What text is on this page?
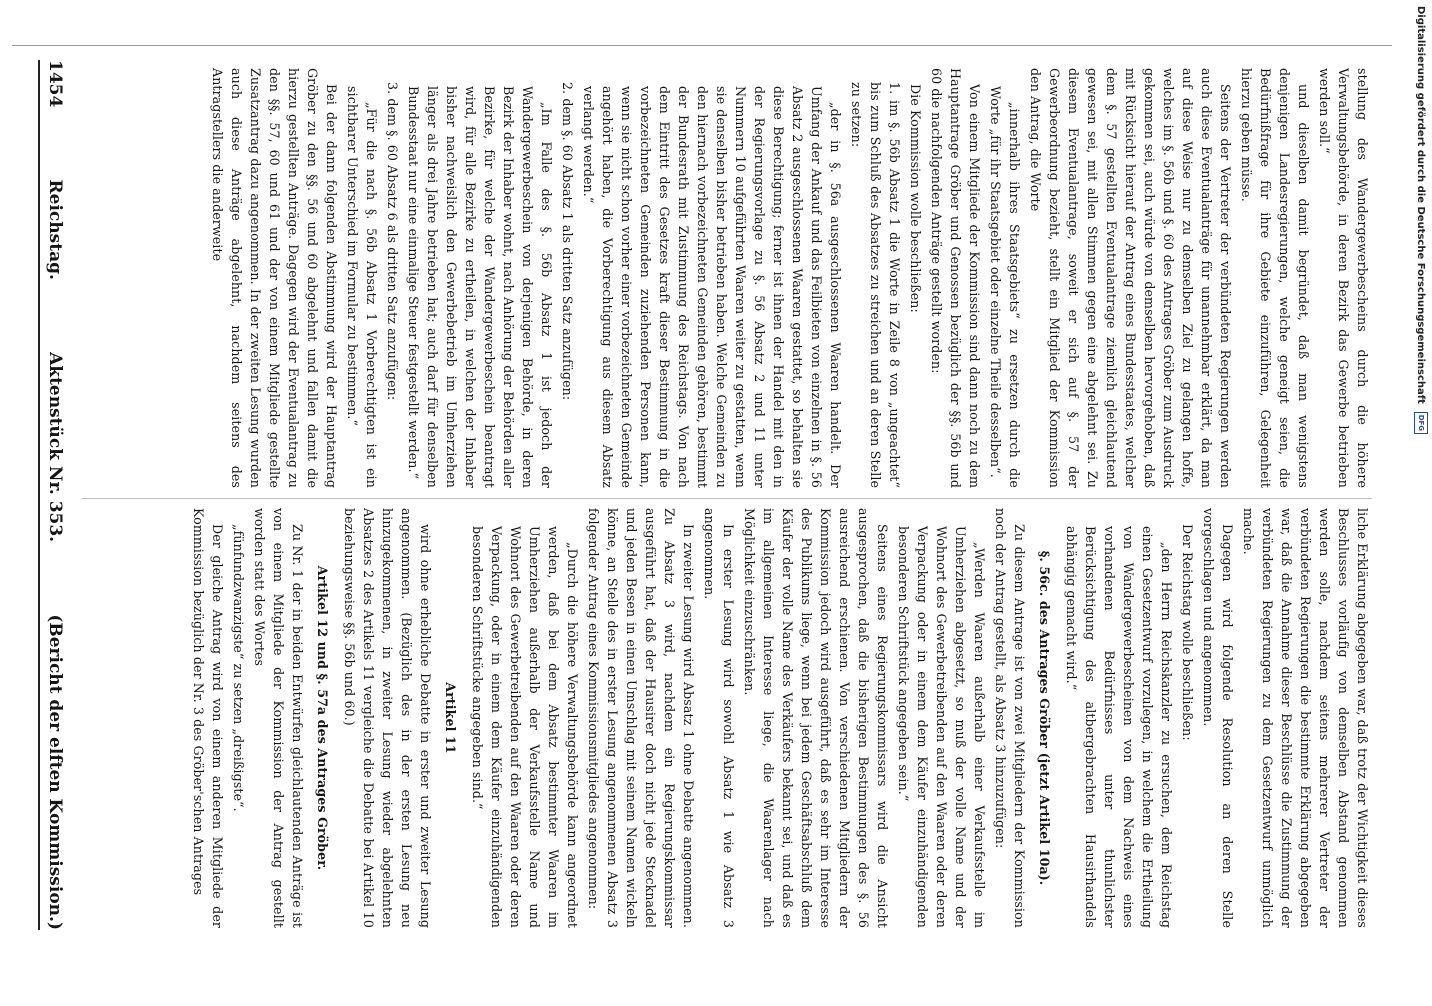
Digitalisierung gefördert durch die Deutsche Forschungsgemeinschaft
DFG

stellung des Wandergewerbescheins durch die höhere Verwaltungsbehörde, in deren Bezirk das Gewerbe betrieben werden soll.“

und dieselben damit begründet, daß man wenigstens denjenigen Landesregierungen, welche geneigt seien, die Bedürfnißfrage für ihre Gebiete einzuführen, Gelegenheit hierzu geben müsse.

Seitens der Vertreter der verbündeten Regierungen werden auch diese Eventualanträge für unannehmbar erklärt, da man auf diese Weise nur zu demselben Ziel zu gelangen hoffe, welches im §. 56b und §. 60 des Antrages Gröber zum Ausdruck gekommen sei, auch würde von demselben hervorgehoben, daß mit Rücksicht hierauf der Antrag eines Bundesstaates, welcher dem §. 57 gestellten Eventualantrage ziemlich gleichlautend gewesen sei, mit allen Stimmen gegen eine abgelehnt sei. Zu diesem Eventualantrage, soweit er sich auf §. 57 der Gewerbeordnung bezieht, stellt ein Mitglied der Kommission den Antrag, die Worte

„innerhalb ihres Staatsgebiets“ zu ersetzen durch die Worte „für ihr Staatsgebiet oder einzelne Theile desselben“.

Von einem Mitgliede der Kommission sind dann noch zu dem Hauptantrage Gröber und Genossen bezüglich der §§. 56b und 60 die nachfolgenden Anträge gestellt worden:

Die Kommission wolle beschließen:

1. im §. 56b Absatz 1 die Worte in Zeile 8 von „ungeachtet“ bis zum Schluß des Absatzes zu streichen und an deren Stelle zu setzen:

„der in §. 56a ausgeschlossenen Waaren handelt. Der Umfang der Ankauf und das Feilbieten von einzelnen in §. 56 Absatz 2 ausgeschlossenen Waaren gestattet, so behalten sie diese Berechtigung; ferner ist ihnen der Handel mit den in der Regierungsvorlage zu §. 56 Absatz 2 und 11 unter Nummern 10 aufgeführten Waaren weiter zu gestatten, wenn sie denselben bisher betrieben haben. Welche Gemeinden zu den hiernach vorbezeichneten Gemeinden gehören, bestimmt der Bundesrath mit Zustimmung des Reichstags. Von nach dem Eintritt des Gesetzes kraft dieser Bestimmung in die vorbezeichneten Gemeinden zuziehenden Personen kann, wenn sie nicht schon vorher einer vorbezeichneten Gemeinde angehört haben, die Vorberechtigung aus diesem Absatz verlangt werden.“

2. dem §. 60 Absatz 1 als dritten Satz anzufügen:

„Im Falle des §. 56b Absatz 1 ist jedoch der Wandergewerbeschein von derjenigen Behörde, in deren Bezirk der Inhaber wohnt, nach Anhörung der Behörden aller Bezirke, für welche der Wandergewerbeschein beantragt wird, für alle Bezirke zu ertheilen, in welchen der Inhaber bisher nachweislich den Gewerbebetrieb im Umherziehen länger als drei Jahre betrieben hat; auch darf für denselben Bundesstaat nur eine einmalige Steuer festgestellt werden.“

3. dem §. 60 Absatz 6 als dritten Satz anzufügen:

„Für die nach §. 56b Absatz 1 Vorberechtigten ist ein sichtbarer Unterschied im Formular zu bestimmen.“

Bei der dann folgenden Abstimmung wird der Hauptantrag Gröber zu den §§. 56 und 60 abgelehnt und fallen damit die hierzu gestellten Anträge. Dagegen wird der Eventualantrag zu den §§. 57, 60 und 61 und der von einem Mitgliede gestellte Zusatzantrag dazu angenommen. In der zweiten Lesung wurden auch diese Anträge abgelehnt, nachdem seitens des Antragstellers die anderweite

liche Erklärung abgegeben war, daß trotz der Wichtigkeit dieses Beschlusses vorläufig von demselben Abstand genommen werden solle, nachdem seitens mehrerer Vertreter der verbündeten Regierungen die bestimmte Erklärung abgegeben war, daß die Annahme dieser Beschlüsse die Zustimmung der verbündeten Regierungen zu dem Gesetzentwurf unmöglich mache.

Dagegen wird folgende Resolution an deren Stelle vorgeschlagen und angenommen.

Der Reichstag wolle beschließen:

„den Herrn Reichskanzler zu ersuchen, dem Reichstag einen Gesetzentwurf vorzulegen, in welchem die Ertheilung von Wandergewerbescheinen von dem Nachweis eines vorhandenen Bedürfnisses unter thunlichster Berücksichtigung des altbergebrachten Hausirhandels abhängig gemacht wird.“

§. 56c. des Antrages Gröber (jetzt Artikel 10a).

Zu diesem Antrage ist von zwei Mitgliedern der Kommission noch der Antrag gestellt, als Absatz 3 hinzuzufügen:

„Werden Waaren außerhalb einer Verkaufsstelle im Umherziehen abgesetzt, so muß der volle Name und der Wohnort des Gewerbetreibenden auf den Waaren oder deren Verpackung oder in einem dem Käufer einzuhändigenden besonderen Schriftstück angegeben sein.“

Seitens eines Regierungskommissars wird die Ansicht ausgesprochen, daß die bisherigen Bestimmungen des §. 56 ausreichend erschienen. Von verschiedenen Mitgliedern der Kommission jedoch wird ausgeführt, daß es sehr im Interesse des Publikums liege, wenn bei jedem Geschäftsabschluß dem Käufer der volle Name des Verkäufers bekannt sei, und daß es im allgemeinen Interesse liege, die Waarenlager nach Möglichkeit einzuschränken.

In erster Lesung wird sowohl Absatz 1 wie Absatz 3 angenommen.

In zweiter Lesung wird Absatz 1 ohne Debatte angenommen. Zu Absatz 3 wird, nachdem ein Regierungskommissar ausgeführt hat, daß der Hausirer doch nicht jede Stecknadel und jeden Besen in einen Umschlag mit seinem Namen wickeln könne, an Stelle des in erster Lesung angenommenen Absatz 3 folgender Antrag eines Kommissionsmitgliedes angenommen:

„Durch die höhere Verwaltungsbehörde kann angeordnet werden, daß bei dem Absatz bestimmter Waaren im Umherziehen außerhalb der Verkaufsstelle Name und Wohnort des Gewerbetreibenden auf den Waaren oder deren Verpackung, oder in einem dem Käufer einzuhändigenden besonderen Schriftstücke angegeben sind.“

Artikel 11

wird ohne erhebliche Debatte in erster und zweiter Lesung angenommen. (Bezüglich des in der ersten Lesung neu hinzugekommenen, in zweiter Lesung wieder abgelehnten Absatzes 2 des Artikels 11 vergleiche die Debatte bei Artikel 10 beziehungsweise §§. 56b und 60.)

Artikel 12 und §. 57a des Antrages Gröber.

Zu Nr. 1 der in beiden Entwürfen gleichlautenden Anträge ist von einem Mitgliede der Kommission der Antrag gestellt worden statt des Wortes

„fünfundzwanzigste“ zu setzen „dreißigste“.

Der gleiche Antrag wird von einem anderen Mitgliede der Kommission bezüglich der Nr. 3 des Gröber'schen Antrages

1454
Reichstag.
Aktenstück Nr. 353.
(Bericht der elften Kommission.)
